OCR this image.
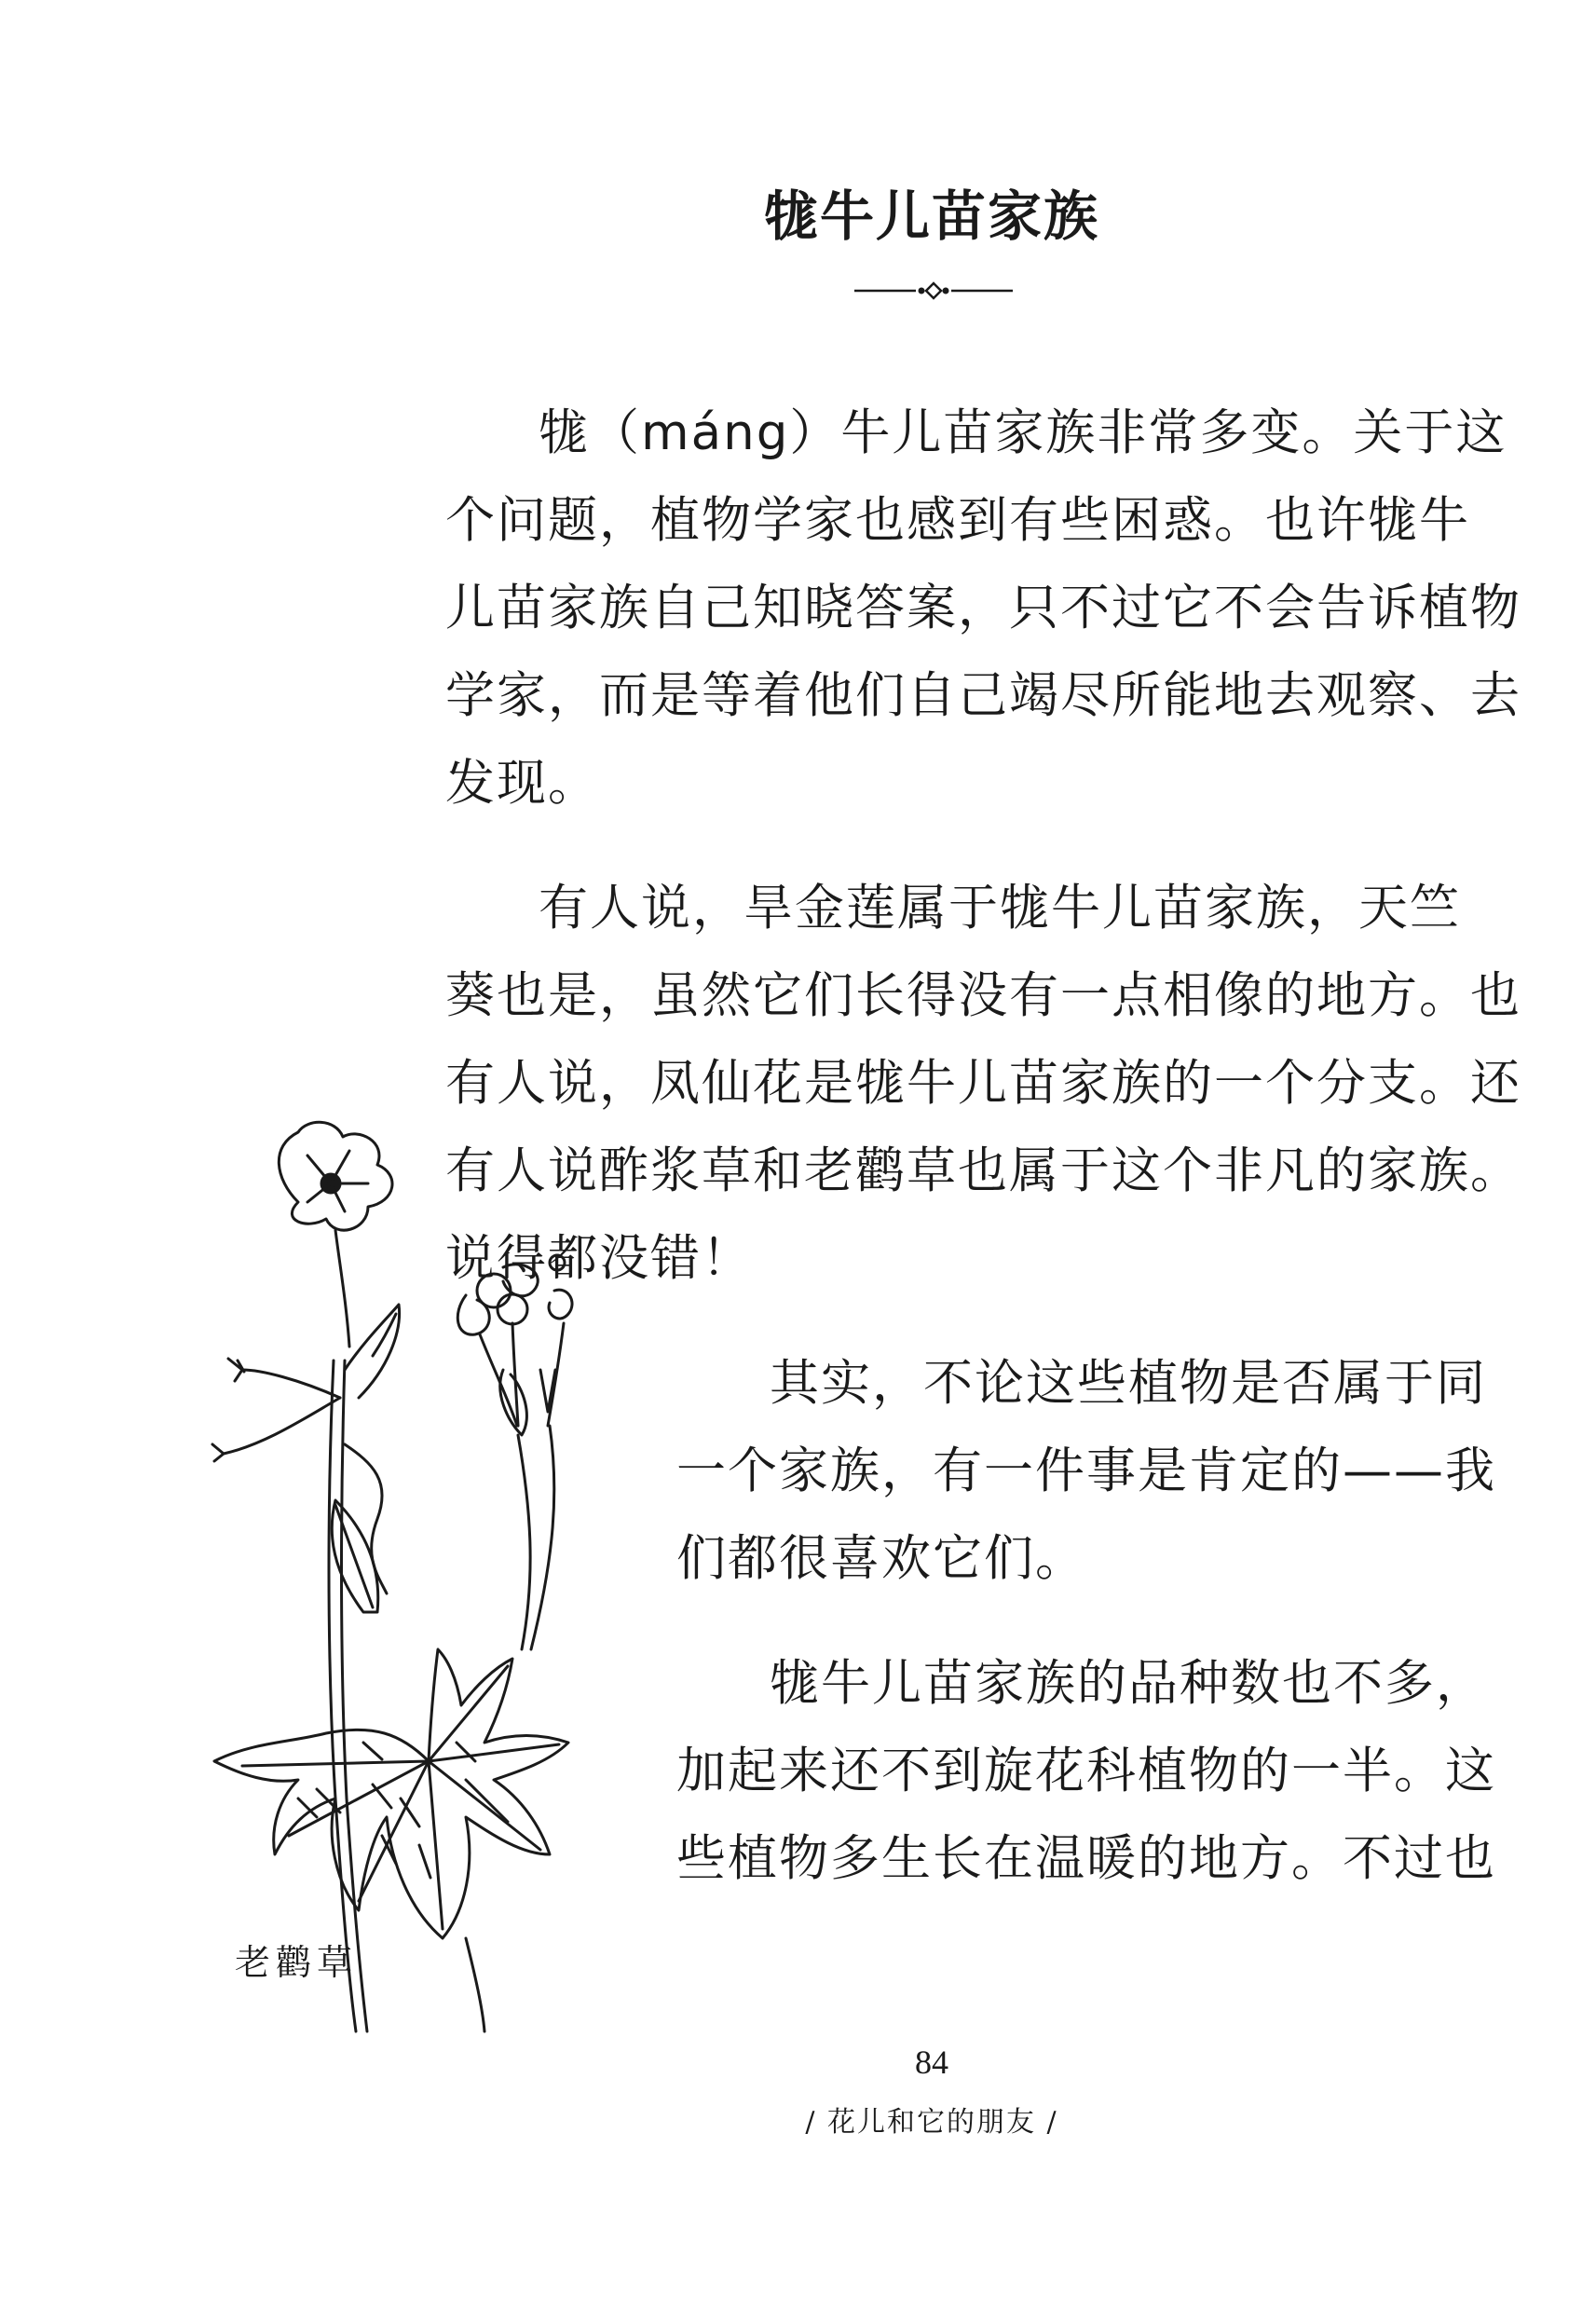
牻牛儿苗家族
牻（máng）牛儿苗家族非常多变。关于这
个问题，植物学家也感到有些困惑。也许牻牛
儿苗家族自己知晓答案，只不过它不会告诉植物
学家，而是等着他们自己竭尽所能地去观察、去
发现。
有人说，旱金莲属于牻牛儿苗家族，天竺
葵也是，虽然它们长得没有一点相像的地方。也
有人说，凤仙花是牻牛儿苗家族的一个分支。还
有人说酢浆草和老鹳草也属于这个非凡的家族。
说得都没错！
其实，不论这些植物是否属于同
一个家族，有一件事是肯定的——我
们都很喜欢它们。
牻牛儿苗家族的品种数也不多，
加起来还不到旋花科植物的一半。这
些植物多生长在温暖的地方。不过也
老鹳草
84
/ 花儿和它的朋友 /
